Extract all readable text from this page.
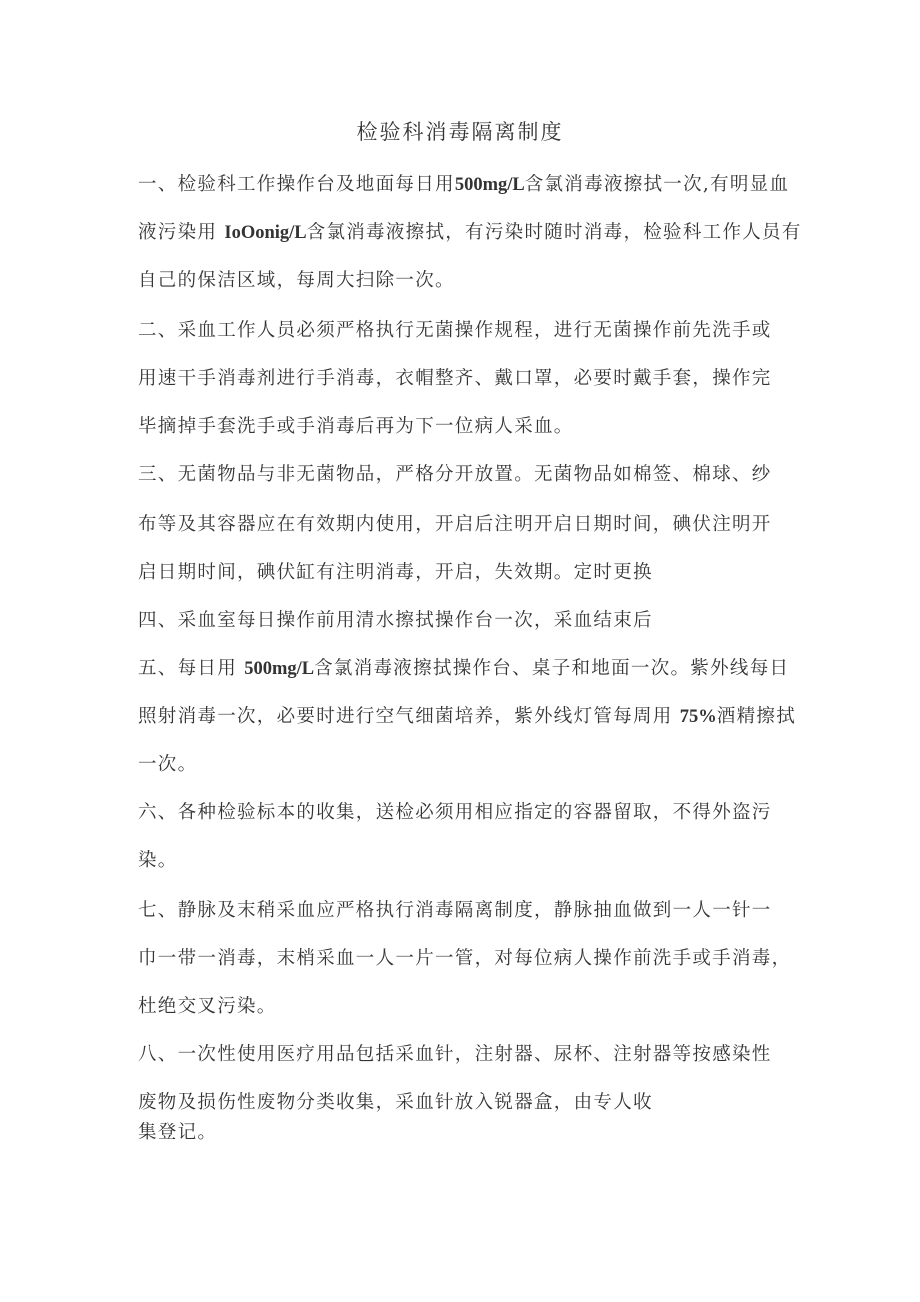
检验科消毒隔离制度
一、检验科工作操作台及地面每日用500mg/L含氯消毒液擦拭一次,有明显血
液污染用 IoOonig/L含氯消毒液擦拭，有污染时随时消毒，检验科工作人员有
自己的保洁区域，每周大扫除一次。
二、采血工作人员必须严格执行无菌操作规程，进行无菌操作前先洗手或
用速干手消毒剂进行手消毒，衣帽整齐、戴口罩，必要时戴手套，操作完
毕摘掉手套洗手或手消毒后再为下一位病人采血。
三、无菌物品与非无菌物品，严格分开放置。无菌物品如棉签、棉球、纱
布等及其容器应在有效期内使用，开启后注明开启日期时间，碘伏注明开
启日期时间，碘伏缸有注明消毒，开启，失效期。定时更换
四、采血室每日操作前用清水擦拭操作台一次，采血结束后
五、每日用 500mg/L含氯消毒液擦拭操作台、桌子和地面一次。紫外线每日
照射消毒一次，必要时进行空气细菌培养，紫外线灯管每周用 75%酒精擦拭
一次。
六、各种检验标本的收集，送检必须用相应指定的容器留取，不得外盗污
染。
七、静脉及末稍采血应严格执行消毒隔离制度，静脉抽血做到一人一针一
巾一带一消毒，末梢采血一人一片一管，对每位病人操作前洗手或手消毒，
杜绝交叉污染。
八、一次性使用医疗用品包括采血针，注射器、尿杯、注射器等按感染性
废物及损伤性废物分类收集，采血针放入锐器盒，由专人收
集登记。
